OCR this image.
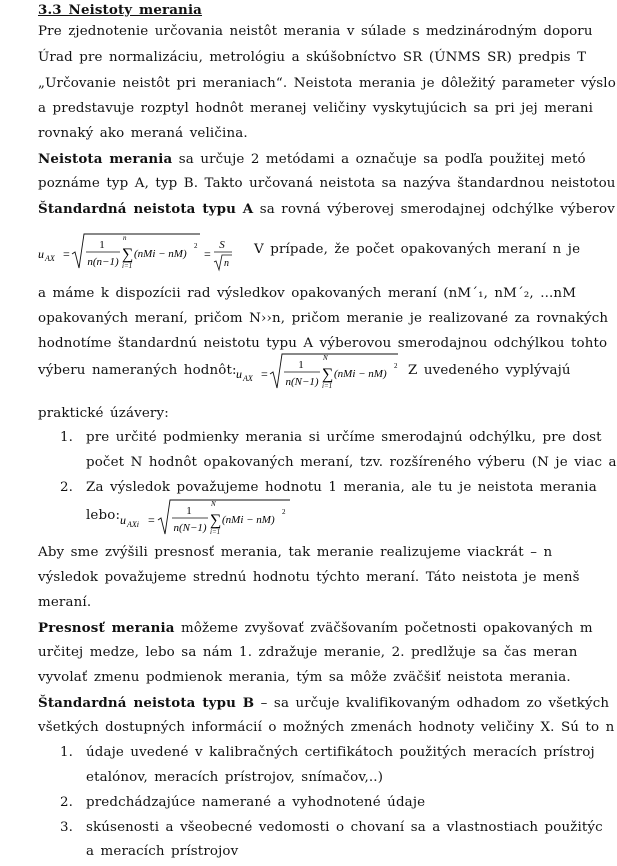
3.3 Neistoty merania
Pre zjednotenie určovania neistôt merania v súlade s medzinárodným doporu
Úrad pre normalizáciu, metrológiu a skúšobníctvo SR (ÚNMS SR) predpis T
„Určovanie neistôt pri meraniach“. Neistota merania je dôležitý parameter výslo
a predstavuje rozptyl hodnôt meranej veličiny vyskytujúcich sa pri jej merani
rovnaký ako meraná veličina.
Neistota merania sa určuje 2 metódami a označuje sa podľa použitej metó
poznáme typ A, typ B. Takto určovaná neistota sa nazýva štandardnou neistotou
Štandardná neistota typu A sa rovná výberovej smerodajnej odchýlke výberov
u AX =
1
n(n−1)
n
∑
i=1
(nMi − nM)
2
=
S
n
V prípade, že počet opakovaných meraní n je
a máme k dispozícii rad výsledkov opakovaných meraní (nM´₁, nM´₂, ...nM
opakovaných meraní, pričom N››n, pričom meranie je realizované za rovnakých
hodnotíme štandardnú neistotu typu A výberovou smerodajnou odchýlkou tohto
výberu nameraných hodnôt: u AX =
1
n(N−1)
N
∑
i=1
(nMi − nM)
2 Z uvedeného vyplývajú
praktické úzávery:
1. pre určité podmienky merania si určíme smerodajnú odchýlku, pre dost
počet N hodnôt opakovaných meraní, tzv. rozšíreného výberu (N je viac a
2. Za výsledok považujeme hodnotu 1 merania, ale tu je neistota merania
lebo: u AXi =
1
n(N−1)
N
∑
i=1
(nMi − nM)
2
Aby sme zvýšili presnosť merania, tak meranie realizujeme viackrát – n
výsledok považujeme strednú hodnotu týchto meraní. Táto neistota je menš
meraní.
Presnosť merania môžeme zvyšovať zväčšovaním početnosti opakovaných m
určitej medze, lebo sa nám 1. zdražuje meranie, 2. predlžuje sa čas meran
vyvolať zmenu podmienok merania, tým sa môže zväčšiť neistota merania.
Štandardná neistota typu B – sa určuje kvalifikovaným odhadom zo všetkých
všetkých dostupných informácií o možných zmenách hodnoty veličiny X. Sú to n
1. údaje uvedené v kalibračných certifikátoch použitých meracích prístroj
etalónov, meracích prístrojov, snímačov,..)
2. predchádzajúce namerané a vyhodnotené údaje
3. skúsenosti a všeobecné vedomosti o chovaní sa a vlastnostiach použitýc
a meracích prístrojov
